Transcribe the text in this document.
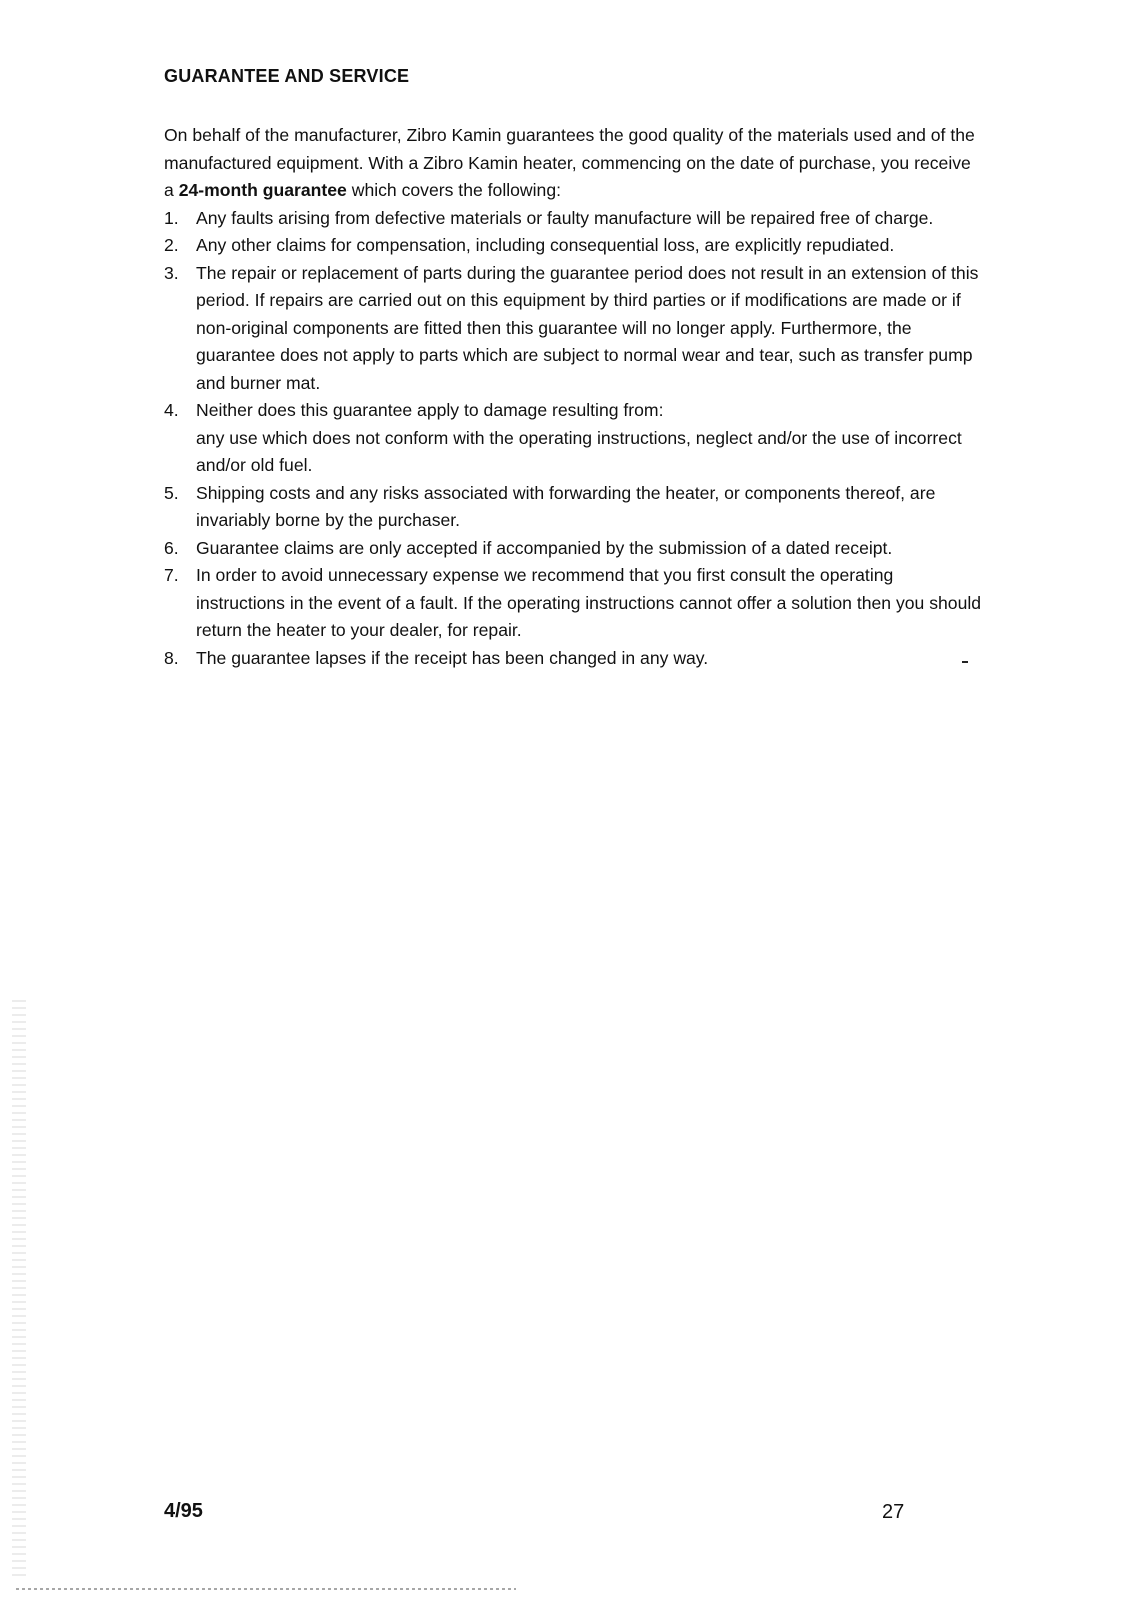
GUARANTEE AND SERVICE

On behalf of the manufacturer, Zibro Kamin guarantees the good quality of the materials used and of the manufactured equipment. With a Zibro Kamin heater, commencing on the date of purchase, you receive a 24-month guarantee which covers the following:

1. Any faults arising from defective materials or faulty manufacture will be repaired free of charge.
2. Any other claims for compensation, including consequential loss, are explicitly repudiated.
3. The repair or replacement of parts during the guarantee period does not result in an extension of this period. If repairs are carried out on this equipment by third parties or if modifications are made or if non-original components are fitted then this guarantee will no longer apply. Furthermore, the guarantee does not apply to parts which are subject to normal wear and tear, such as transfer pump and burner mat.
4. Neither does this guarantee apply to damage resulting from:
any use which does not conform with the operating instructions, neglect and/or the use of incorrect and/or old fuel.
5. Shipping costs and any risks associated with forwarding the heater, or components thereof, are invariably borne by the purchaser.
6. Guarantee claims are only accepted if accompanied by the submission of a dated receipt.
7. In order to avoid unnecessary expense we recommend that you first consult the operating instructions in the event of a fault. If the operating instructions cannot offer a solution then you should return the heater to your dealer, for repair.
8. The guarantee lapses if the receipt has been changed in any way.
4/95	27
